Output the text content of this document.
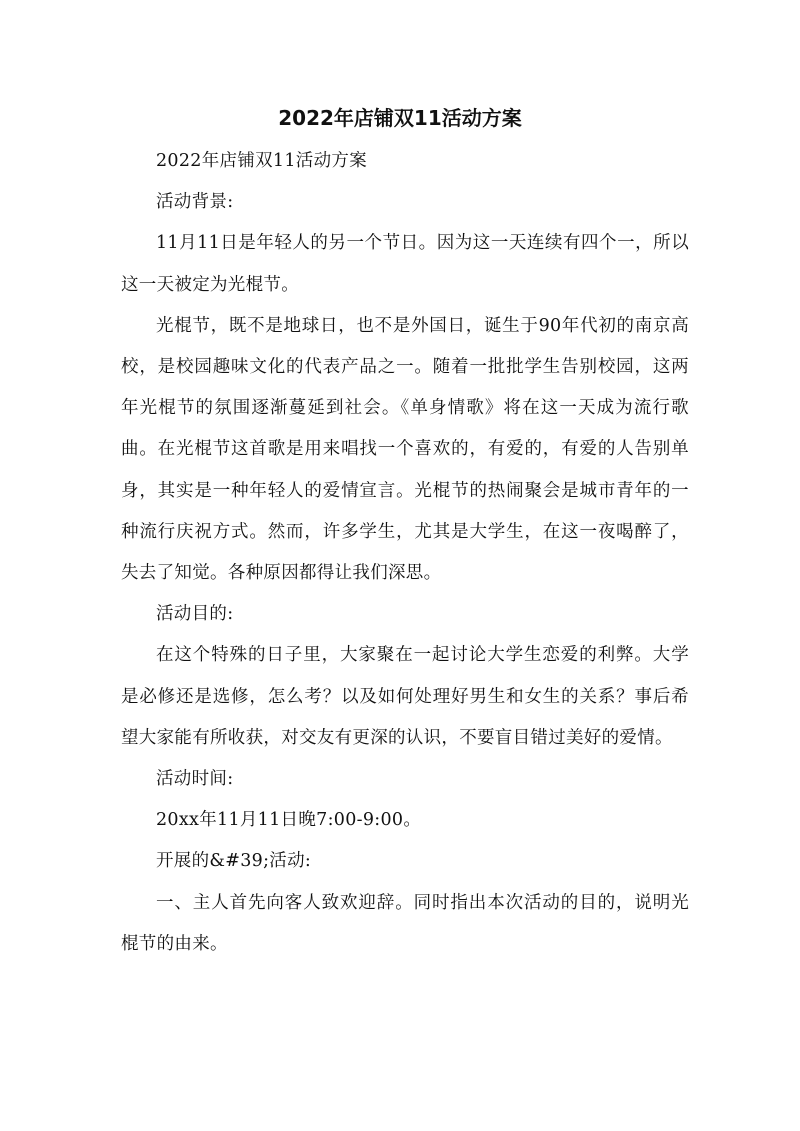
2022年店铺双11活动方案

2022年店铺双11活动方案

活动背景:

11月11日是年轻人的另一个节日。因为这一天连续有四个一，所以这一天被定为光棍节。

光棍节，既不是地球日，也不是外国日，诞生于90年代初的南京高校，是校园趣味文化的代表产品之一。随着一批批学生告别校园，这两年光棍节的氛围逐渐蔓延到社会。《单身情歌》将在这一天成为流行歌曲。在光棍节这首歌是用来唱找一个喜欢的，有爱的，有爱的人告别单身，其实是一种年轻人的爱情宣言。光棍节的热闹聚会是城市青年的一种流行庆祝方式。然而，许多学生，尤其是大学生，在这一夜喝醉了，失去了知觉。各种原因都得让我们深思。

活动目的:

在这个特殊的日子里，大家聚在一起讨论大学生恋爱的利弊。大学是必修还是选修，怎么考？以及如何处理好男生和女生的关系？事后希望大家能有所收获，对交友有更深的认识，不要盲目错过美好的爱情。

活动时间:

20xx年11月11日晚7:00-9:00。

开展的&#39;活动:

一、主人首先向客人致欢迎辞。同时指出本次活动的目的，说明光棍节的由来。
